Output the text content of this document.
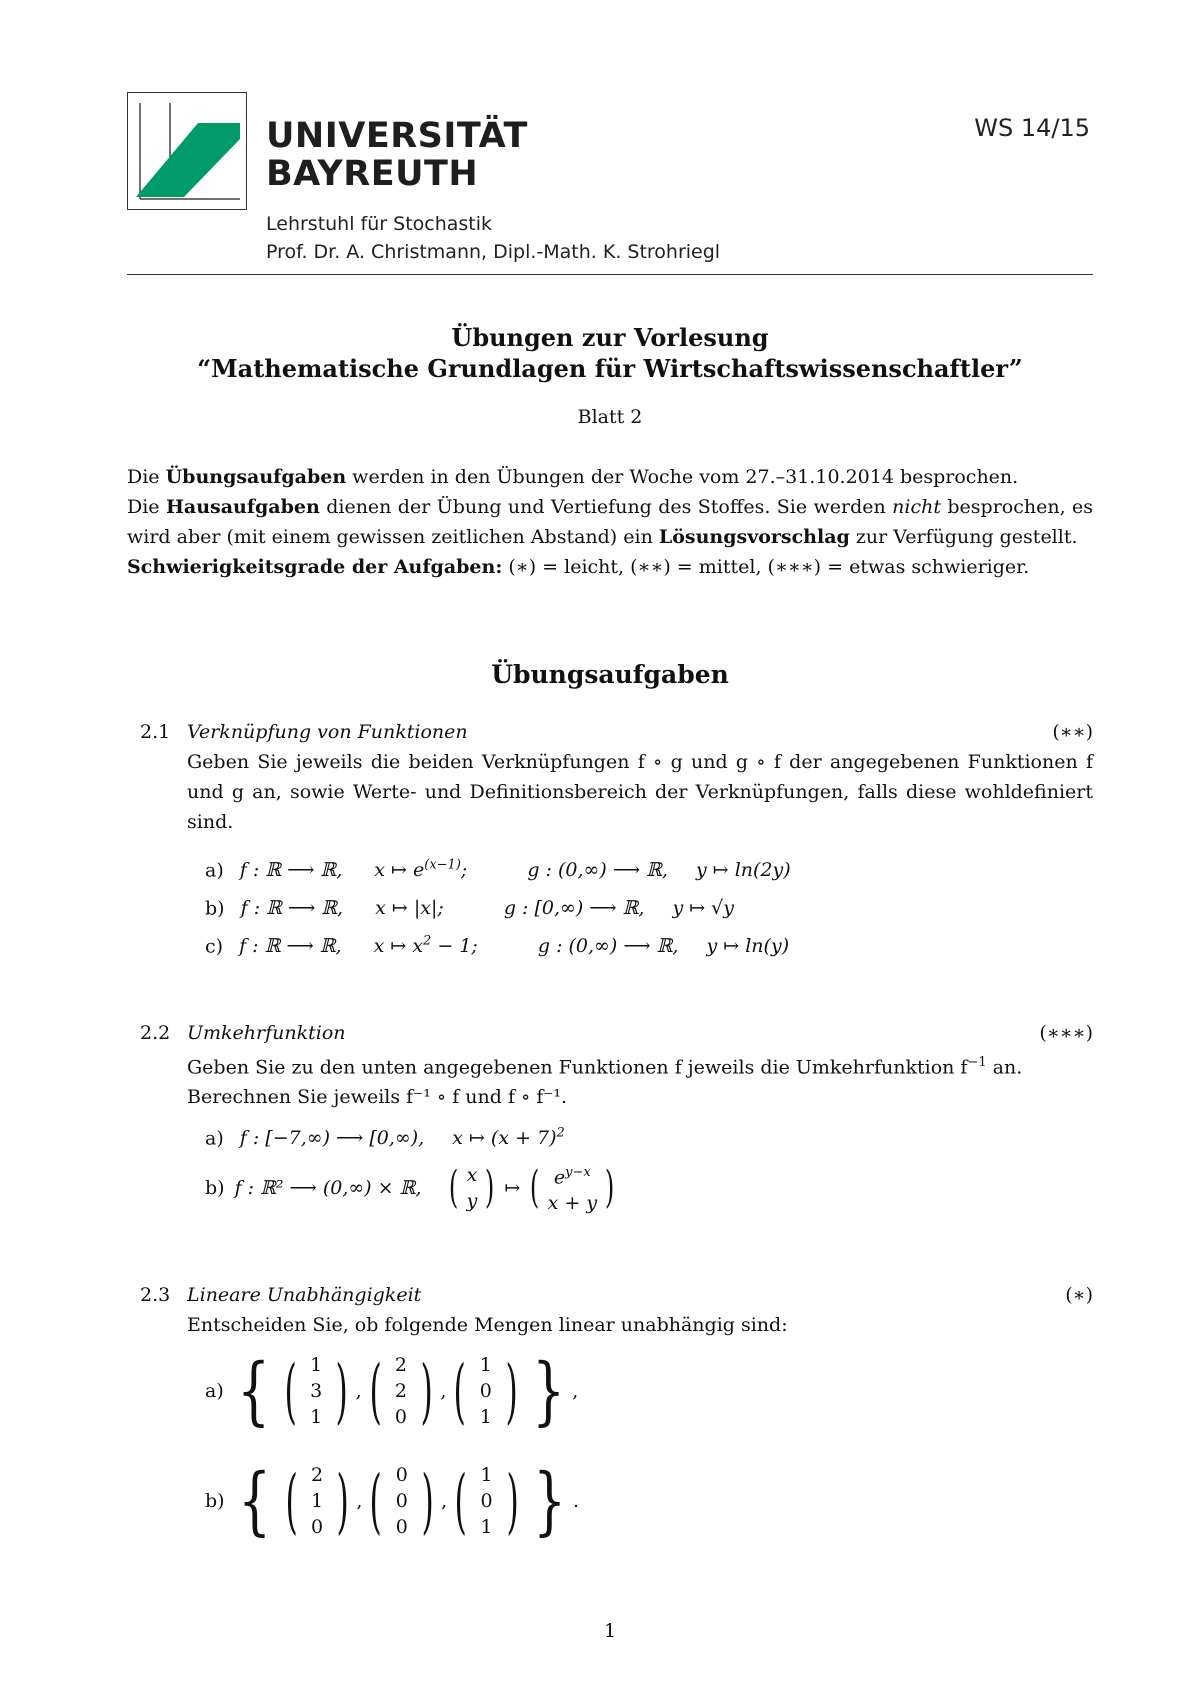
UNIVERSITÄT
BAYREUTH
Lehrstuhl für Stochastik
Prof. Dr. A. Christmann, Dipl.-Math. K. Strohriegl
WS 14/15
Übungen zur Vorlesung
“Mathematische Grundlagen für Wirtschaftswissenschaftler”
Blatt 2

Die Übungsaufgaben werden in den Übungen der Woche vom 27.–31.10.2014 besprochen.

Die Hausaufgaben dienen der Übung und Vertiefung des Stoffes. Sie werden nicht besprochen, es wird aber (mit einem gewissen zeitlichen Abstand) ein Lösungsvorschlag zur Verfügung gestellt.

Schwierigkeitsgrade der Aufgaben: (∗) = leicht, (∗∗) = mittel, (∗∗∗) = etwas schwieriger.

Übungsaufgaben
2.1 Verknüpfung von Funktionen	(∗∗)
Geben Sie jeweils die beiden Verknüpfungen f ∘ g und g ∘ f der angegebenen Funktionen f und g an, sowie Werte- und Definitionsbereich der Verknüpfungen, falls diese wohldefiniert sind.
a) f : ℝ ⟶ ℝ, x ↦ $e^{(x-1)}$;	g : (0,∞) ⟶ ℝ, y ↦ ln(2y)
b) f : ℝ ⟶ ℝ, x ↦ |x|;	g : [0,∞) ⟶ ℝ, y ↦ √y
c) f : ℝ ⟶ ℝ, x ↦ $x^2 - 1$;	g : (0,∞) ⟶ ℝ, y ↦ ln(y)
2.2 Umkehrfunktion	(∗∗∗)

Geben Sie zu den unten angegebenen Funktionen f jeweils die Umkehrfunktion $f^{-1}$ an.

Berechnen Sie jeweils f⁻¹ ∘ f und f ∘ f⁻¹.

a) f : [−7,∞) ⟶ [0,∞), x ↦ $(x + 7)^2$
b) f : ℝ² ⟶ (0,∞) × ℝ, ( x
y ) ↦ ( $e^{y-x}$
x + y )
2.3 Lineare Unabhängigkeit	(∗)
Entscheiden Sie, ob folgende Mengen linear unabhängig sind:
a) { ( 1
3
1 ) , ( 2
2
0 ) , ( 1
0
1 ) } ,
b) { ( 2
1
0 ) , ( 0
0
0 ) , ( 1
0
1 ) } .
1
